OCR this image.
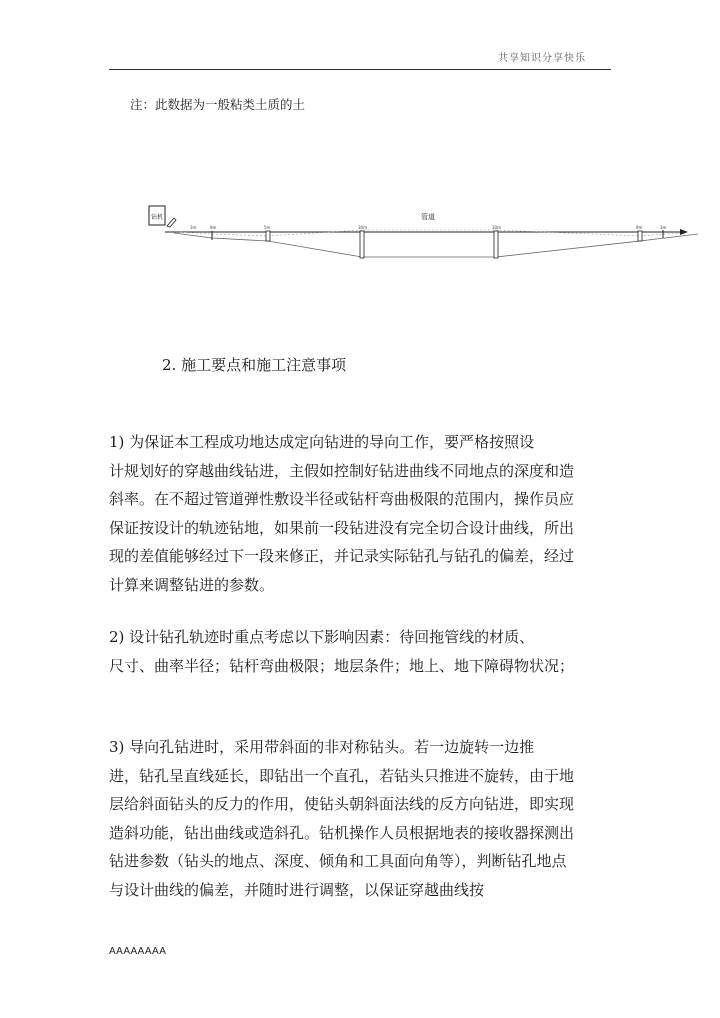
共享知识分享快乐
注：此数据为一般粘类土质的土
钻机
3m	9m	5m	30m	30m	9m	3m
管道
2. 施工要点和施工注意事项
1) 为保证本工程成功地达成定向钻进的导向工作，要严格按照设
计规划好的穿越曲线钻进，主假如控制好钻进曲线不同地点的深度和造
斜率。在不超过管道弹性敷设半径或钻杆弯曲极限的范围内，操作员应
保证按设计的轨迹钻地，如果前一段钻进没有完全切合设计曲线，所出
现的差值能够经过下一段来修正，并记录实际钻孔与钻孔的偏差，经过
计算来调整钻进的参数。
2) 设计钻孔轨迹时重点考虑以下影响因素：待回拖管线的材质、
尺寸、曲率半径；钻杆弯曲极限；地层条件；地上、地下障碍物状况；
3) 导向孔钻进时，采用带斜面的非对称钻头。若一边旋转一边推
进，钻孔呈直线延长，即钻出一个直孔，若钻头只推进不旋转，由于地
层给斜面钻头的反力的作用，使钻头朝斜面法线的反方向钻进，即实现
造斜功能，钻出曲线或造斜孔。钻机操作人员根据地表的接收器探测出
钻进参数（钻头的地点、深度、倾角和工具面向角等），判断钻孔地点
与设计曲线的偏差，并随时进行调整，以保证穿越曲线按
AAAAAAAA
